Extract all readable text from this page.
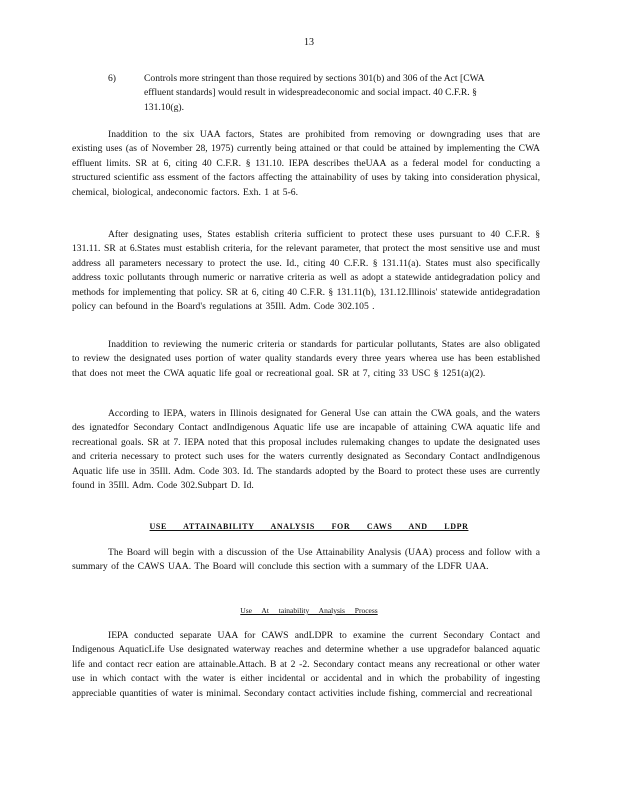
13
6)	Controls more stringent than those required by sections 301(b) and 306 of the Act [CWA effluent standards] would result in widespreadeconomic and social impact. 40 C.F.R. § 131.10(g).

Inaddition to the six UAA factors, States are prohibited from removing or downgrading uses that are existing uses (as of November 28, 1975) currently being attained or that could be attained by implementing the CWA effluent limits. SR at 6, citing 40 C.F.R. § 131.10. IEPA describes theUAA as a federal model for conducting a structured scientific ass essment of the factors affecting the attainability of uses by taking into consideration physical, chemical, biological, andeconomic factors. Exh. 1 at 5-6.

After designating uses, States establish criteria sufficient to protect these uses pursuant to 40 C.F.R. § 131.11. SR at 6.States must establish criteria, for the relevant parameter, that protect the most sensitive use and must address all parameters necessary to protect the use. Id., citing 40 C.F.R. § 131.11(a). States must also specifically address toxic pollutants through numeric or narrative criteria as well as adopt a statewide antidegradation policy and methods for implementing that policy. SR at 6, citing 40 C.F.R. § 131.11(b), 131.12.Illinois' statewide antidegradation policy can befound in the Board's regulations at 35Ill. Adm. Code 302.105 .

Inaddition to reviewing the numeric criteria or standards for particular pollutants, States are also obligated to review the designated uses portion of water quality standards every three years wherea use has been established that does not meet the CWA aquatic life goal or recreational goal. SR at 7, citing 33 USC § 1251(a)(2).

According to IEPA, waters in Illinois designated for General Use can attain the CWA goals, and the waters des ignatedfor Secondary Contact andIndigenous Aquatic life use are incapable of attaining CWA aquatic life and recreational goals. SR at 7. IEPA noted that this proposal includes rulemaking changes to update the designated uses and criteria necessary to protect such uses for the waters currently designated as Secondary Contact andIndigenous Aquatic life use in 35Ill. Adm. Code 303. Id. The standards adopted by the Board to protect these uses are currently found in 35Ill. Adm. Code 302.Subpart D. Id.

USE ATTAINABILITY ANALYSIS FOR CAWS AND LDPR

The Board will begin with a discussion of the Use Attainability Analysis (UAA) process and follow with a summary of the CAWS UAA. The Board will conclude this section with a summary of the LDFR UAA.

Use At tainability Analysis Process

IEPA conducted separate UAA for CAWS andLDPR to examine the current Secondary Contact and Indigenous AquaticLife Use designated waterway reaches and determine whether a use upgradefor balanced aquatic life and contact recr eation are attainable.Attach. B at 2 -2. Secondary contact means any recreational or other water use in which contact with the water is either incidental or accidental and in which the probability of ingesting appreciable quantities of water is minimal. Secondary contact activities include fishing, commercial and recreational
